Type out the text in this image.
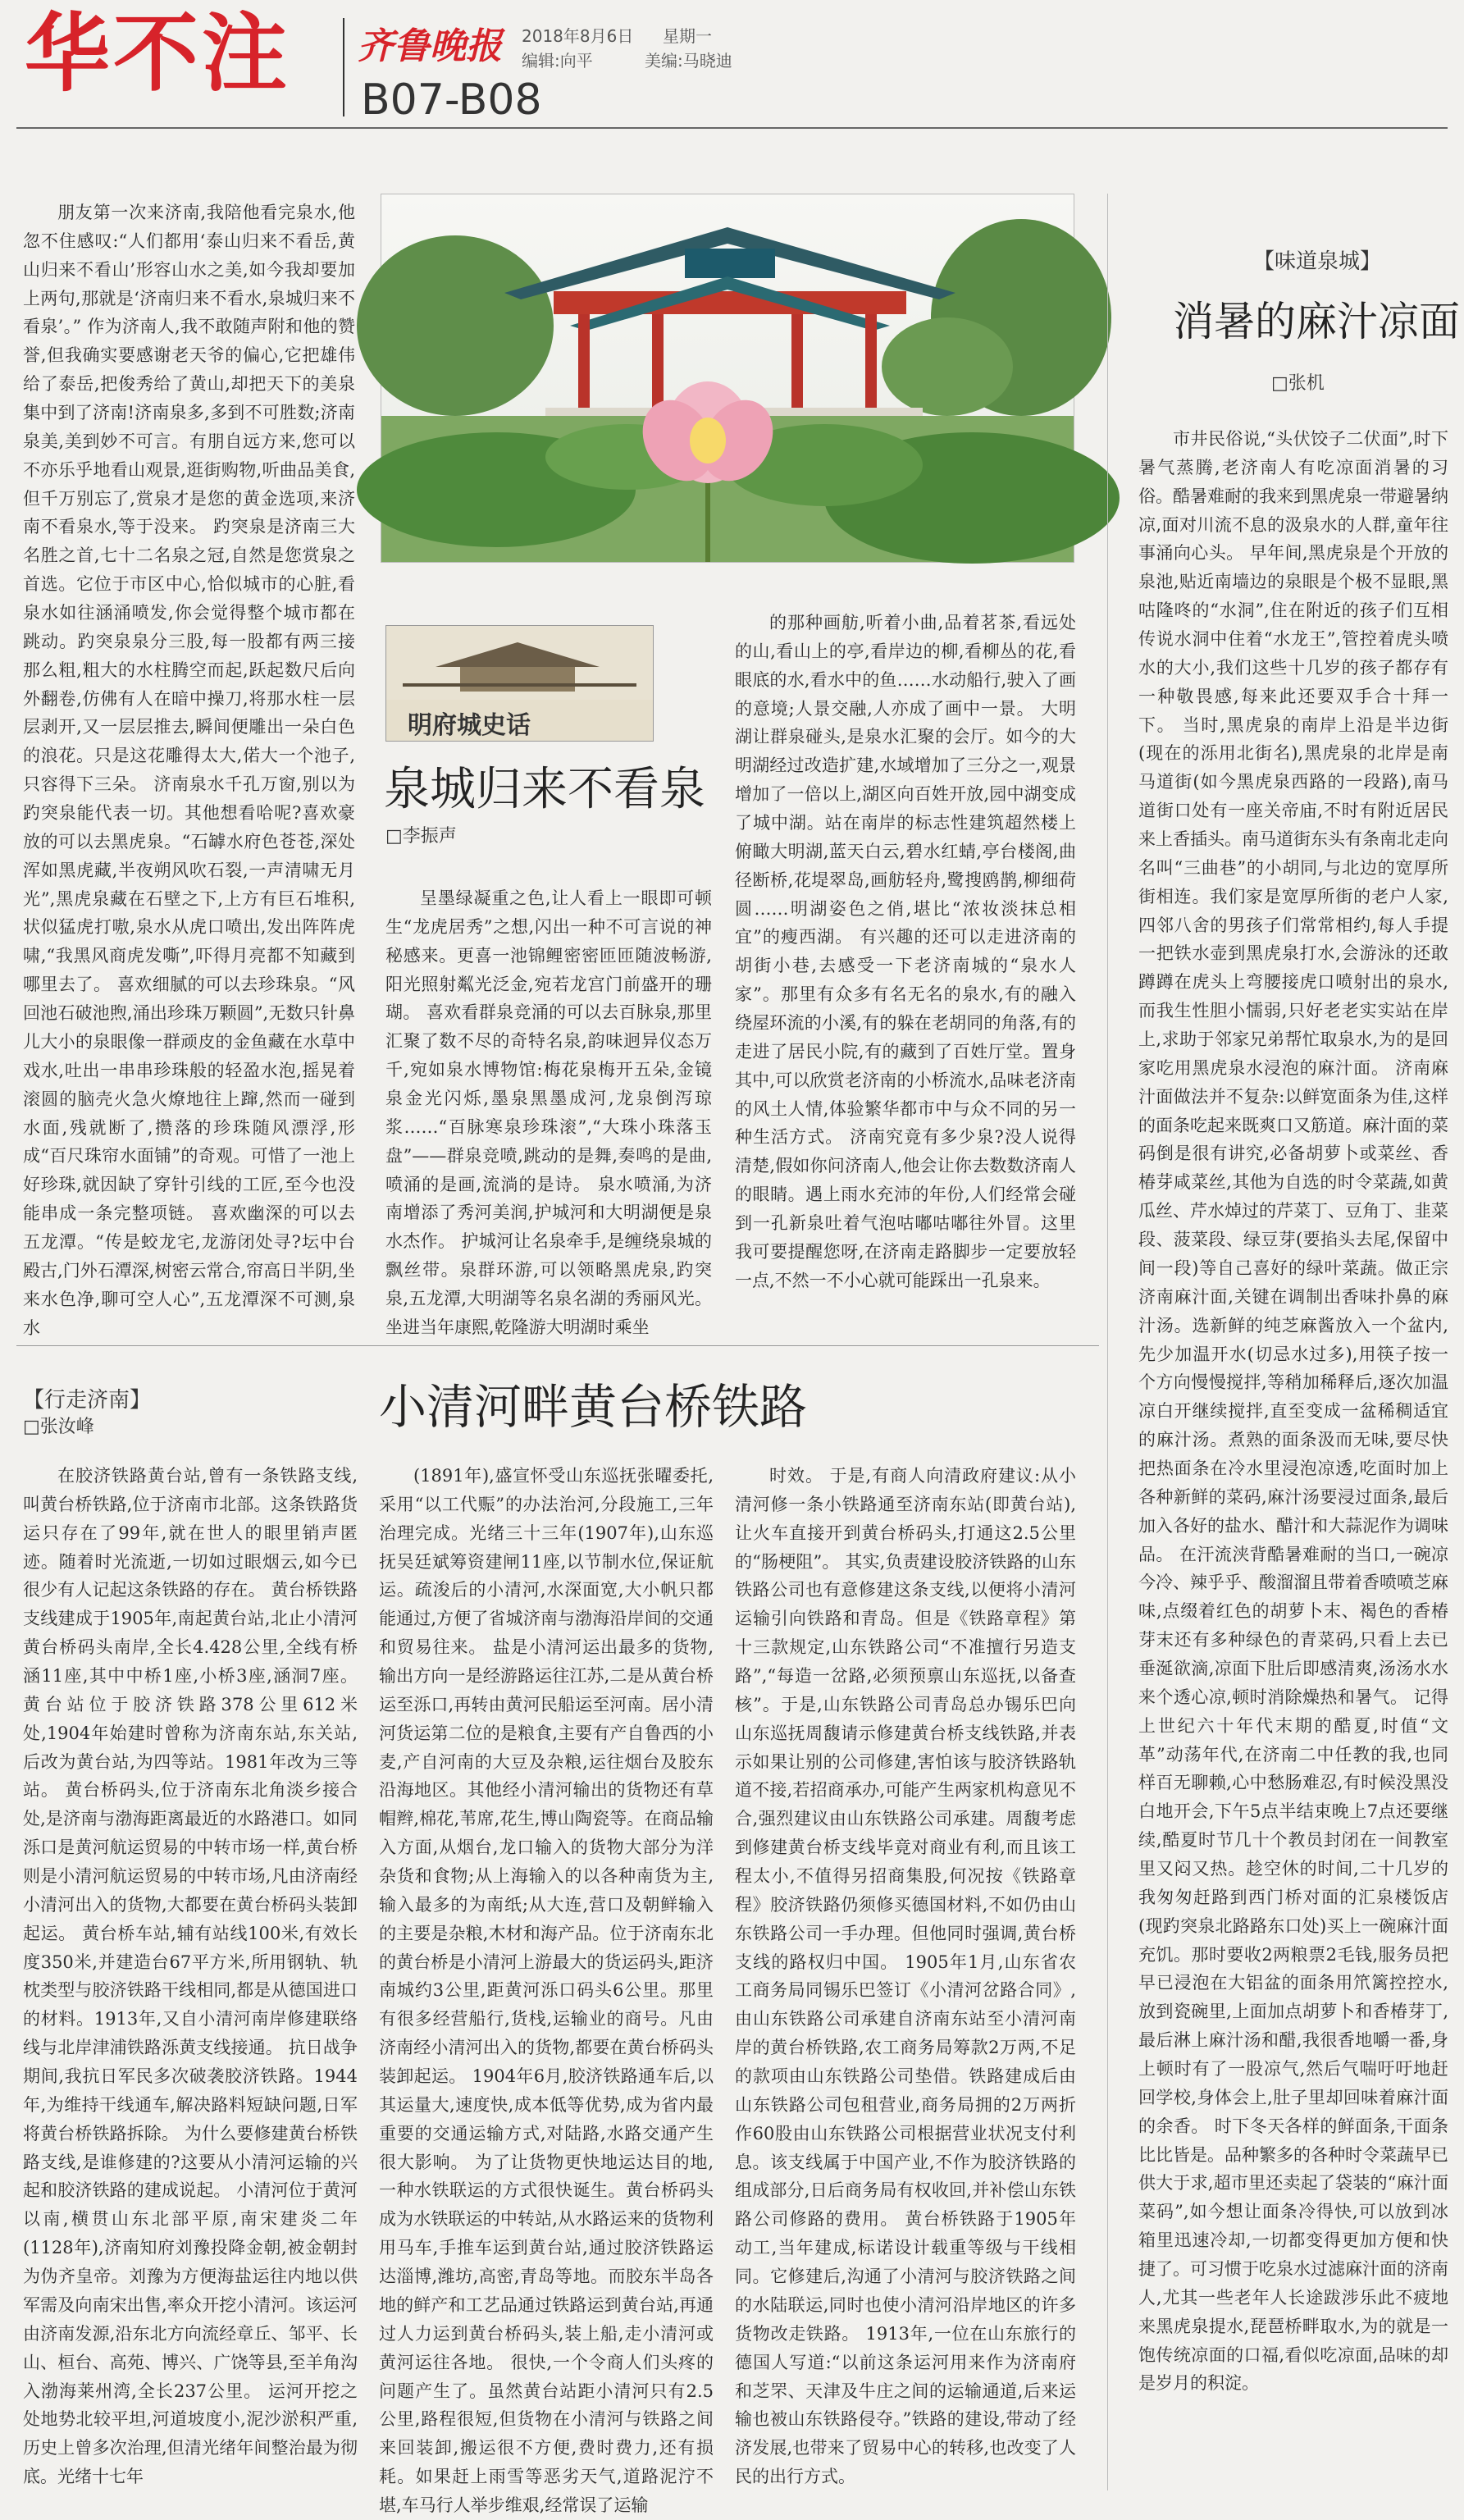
华不注 齐鲁晚报 2018年8月6日 星期一
编辑:向平	美编:马晓迪
B07-B08
明府城史话
泉城归来不看泉
□李振声

朋友第一次来济南,我陪他看完泉水,他忽不住感叹:“人们都用‘泰山归来不看岳,黄山归来不看山’形容山水之美,如今我却要加上两句,那就是‘济南归来不看水,泉城归来不看泉’。” 作为济南人,我不敢随声附和他的赞誉,但我确实要感谢老天爷的偏心,它把雄伟给了泰岳,把俊秀给了黄山,却把天下的美泉集中到了济南!济南泉多,多到不可胜数;济南泉美,美到妙不可言。有朋自远方来,您可以不亦乐乎地看山观景,逛街购物,听曲品美食,但千万别忘了,赏泉才是您的黄金选项,来济南不看泉水,等于没来。 趵突泉是济南三大名胜之首,七十二名泉之冠,自然是您赏泉之首选。它位于市区中心,恰似城市的心脏,看泉水如往涵涌喷发,你会觉得整个城市都在跳动。趵突泉泉分三股,每一股都有两三接那么粗,粗大的水柱腾空而起,跃起数尺后向外翻卷,仿佛有人在暗中操刀,将那水柱一层层剥开,又一层层推去,瞬间便雕出一朵白色的浪花。只是这花雕得太大,偌大一个池子,只容得下三朵。 济南泉水千孔万窗,别以为趵突泉能代表一切。其他想看哈呢?喜欢豪放的可以去黑虎泉。“石罅水府色苍苍,深处浑如黑虎藏,半夜朔风吹石裂,一声清啸无月光”,黑虎泉藏在石壁之下,上方有巨石堆积,状似猛虎打嗷,泉水从虎口喷出,发出阵阵虎啸,“我黑风商虎发嘶”,吓得月亮都不知藏到哪里去了。 喜欢细腻的可以去珍珠泉。“风回池石破池煦,涌出珍珠万颗圆”,无数只针鼻儿大小的泉眼像一群顽皮的金鱼藏在水草中戏水,吐出一串串珍珠般的轻盈水泡,摇晃着滚圆的脑壳火急火燎地往上蹿,然而一碰到水面,残就断了,攒落的珍珠随风漂浮,形成“百尺珠帘水面铺”的奇观。可惜了一池上好珍珠,就因缺了穿针引线的工匠,至今也没能串成一条完整项链。 喜欢幽深的可以去五龙潭。“传是蛟龙宅,龙游闭处寻?坛中台殿古,门外石潭深,树密云常合,帘高日半阴,坐来水色净,聊可空人心”,五龙潭深不可测,泉水

呈墨绿凝重之色,让人看上一眼即可顿生“龙虎居秀”之想,闪出一种不可言说的神秘感来。更喜一池锦鲤密密匝匝随波畅游,阳光照射粼光泛金,宛若龙宫门前盛开的珊瑚。 喜欢看群泉竞涌的可以去百脉泉,那里汇聚了数不尽的奇特名泉,韵味迥异仪态万千,宛如泉水博物馆:梅花泉梅开五朵,金镜泉金光闪烁,墨泉黑墨成河,龙泉倒泻琼浆……“百脉寒泉珍珠滚”,“大珠小珠落玉盘”——群泉竞喷,跳动的是舞,奏鸣的是曲,喷涌的是画,流淌的是诗。 泉水喷涌,为济南增添了秀河美润,护城河和大明湖便是泉水杰作。 护城河让名泉牵手,是缠绕泉城的飘丝带。泉群环游,可以领略黑虎泉,趵突泉,五龙潭,大明湖等名泉名湖的秀丽风光。坐进当年康熙,乾隆游大明湖时乘坐

的那种画舫,听着小曲,品着茗茶,看远处的山,看山上的亭,看岸边的柳,看柳丛的花,看眼底的水,看水中的鱼……水动船行,驶入了画的意境;人景交融,人亦成了画中一景。 大明湖让群泉碰头,是泉水汇聚的会厅。如今的大明湖经过改造扩建,水域增加了三分之一,观景增加了一倍以上,湖区向百姓开放,园中湖变成了城中湖。站在南岸的标志性建筑超然楼上俯瞰大明湖,蓝天白云,碧水红蜻,亭台楼阁,曲径断桥,花堤翠岛,画舫轻舟,鹭搜鸥鹊,柳细荷圆……明湖姿色之俏,堪比“浓妆淡抹总相宜”的瘦西湖。 有兴趣的还可以走进济南的胡街小巷,去感受一下老济南城的“泉水人家”。那里有众多有名无名的泉水,有的融入绕屋环流的小溪,有的躲在老胡同的角落,有的走进了居民小院,有的藏到了百姓厅堂。置身其中,可以欣赏老济南的小桥流水,品味老济南的风土人情,体验繁华都市中与众不同的另一种生活方式。 济南究竟有多少泉?没人说得清楚,假如你问济南人,他会让你去数数济南人的眼睛。遇上雨水充沛的年份,人们经常会碰到一孔新泉吐着气泡咕嘟咕嘟往外冒。这里我可要提醒您呀,在济南走路脚步一定要放轻一点,不然一不小心就可能踩出一孔泉来。

【味道泉城】
消暑的麻汁凉面
□张机

市井民俗说,“头伏饺子二伏面”,时下暑气蒸腾,老济南人有吃凉面消暑的习俗。酷暑难耐的我来到黑虎泉一带避暑纳凉,面对川流不息的汲泉水的人群,童年往事涌向心头。 早年间,黑虎泉是个开放的泉池,贴近南墙边的泉眼是个极不显眼,黑咕隆咚的“水洞”,住在附近的孩子们互相传说水洞中住着“水龙王”,管控着虎头喷水的大小,我们这些十几岁的孩子都存有一种敬畏感,每来此还要双手合十拜一下。 当时,黑虎泉的南岸上沿是半边街(现在的泺用北街名),黑虎泉的北岸是南马道街(如今黑虎泉西路的一段路),南马道街口处有一座关帝庙,不时有附近居民来上香插头。南马道街东头有条南北走向名叫“三曲巷”的小胡同,与北边的宽厚所街相连。我们家是宽厚所街的老户人家,四邻八舍的男孩子们常常相约,每人手提一把铁水壶到黑虎泉打水,会游泳的还敢蹲蹲在虎头上弯腰接虎口喷射出的泉水,而我生性胆小懦弱,只好老老实实站在岸上,求助于邻家兄弟帮忙取泉水,为的是回家吃用黑虎泉水浸泡的麻汁面。 济南麻汁面做法并不复杂:以鲜宽面条为佳,这样的面条吃起来既爽口又筋道。麻汁面的菜码倒是很有讲究,必备胡萝卜或菜丝、香椿芽咸菜丝,其他为自选的时令菜蔬,如黄瓜丝、芹水焯过的芹菜丁、豆角丁、韭菜段、菠菜段、绿豆芽(要掐头去尾,保留中间一段)等自己喜好的绿叶菜蔬。做正宗济南麻汁面,关键在调制出香味扑鼻的麻汁汤。选新鲜的纯芝麻酱放入一个盆内,先少加温开水(切忌水过多),用筷子按一个方向慢慢搅拌,等稍加稀释后,逐次加温凉白开继续搅拌,直至变成一盆稀稠适宜的麻汁汤。煮熟的面条汲而无味,要尽快把热面条在冷水里浸泡凉透,吃面时加上各种新鲜的菜码,麻汁汤要浸过面条,最后加入各好的盐水、醋汁和大蒜泥作为调味品。 在汗流浃背酷暑难耐的当口,一碗凉今冷、辣乎乎、酸溜溜且带着香喷喷芝麻味,点缀着红色的胡萝卜末、褐色的香椿芽末还有多种绿色的青菜码,只看上去已垂涎欲滴,凉面下肚后即感清爽,汤汤水水来个透心凉,顿时消除燥热和暑气。 记得上世纪六十年代末期的酷夏,时值“文革”动荡年代,在济南二中任教的我,也同样百无聊赖,心中愁肠难忍,有时候没黑没白地开会,下午5点半结束晚上7点还要继续,酷夏时节几十个教员封闭在一间教室里又闷又热。趁空休的时间,二十几岁的我匆匆赶路到西门桥对面的汇泉楼饭店(现趵突泉北路路东口处)买上一碗麻汁面充饥。那时要收2两粮票2毛钱,服务员把早已浸泡在大铝盆的面条用笊篱控控水,放到瓷碗里,上面加点胡萝卜和香椿芽丁,最后淋上麻汁汤和醋,我很香地嚼一番,身上顿时有了一股凉气,然后气喘吁吁地赶回学校,身体会上,肚子里却回味着麻汁面的余香。 时下冬天各样的鲜面条,干面条比比皆是。品种繁多的各种时令菜蔬早已供大于求,超市里还卖起了袋装的“麻汁面菜码”,如今想让面条冷得快,可以放到冰箱里迅速冷却,一切都变得更加方便和快捷了。可习惯于吃泉水过滤麻汁面的济南人,尤其一些老年人长途跋涉乐此不疲地来黑虎泉提水,琵琶桥畔取水,为的就是一饱传统凉面的口福,看似吃凉面,品味的却是岁月的积淀。

【行走济南】
□张汝峰	小清河畔黄台桥铁路

在胶济铁路黄台站,曾有一条铁路支线,叫黄台桥铁路,位于济南市北部。这条铁路货运只存在了99年,就在世人的眼里销声匿迹。随着时光流逝,一切如过眼烟云,如今已很少有人记起这条铁路的存在。 黄台桥铁路支线建成于1905年,南起黄台站,北止小清河黄台桥码头南岸,全长4.428公里,全线有桥涵11座,其中中桥1座,小桥3座,涵洞7座。 黄台站位于胶济铁路378公里612米处,1904年始建时曾称为济南东站,东关站,后改为黄台站,为四等站。1981年改为三等站。 黄台桥码头,位于济南东北角淡乡接合处,是济南与渤海距离最近的水路港口。如同泺口是黄河航运贸易的中转市场一样,黄台桥则是小清河航运贸易的中转市场,凡由济南经小清河出入的货物,大都要在黄台桥码头装卸起运。 黄台桥车站,辅有站线100米,有效长度350米,并建造台67平方米,所用钢轨、轨枕类型与胶济铁路干线相同,都是从德国进口的材料。1913年,又自小清河南岸修建联络线与北岸津浦铁路泺黄支线接通。 抗日战争期间,我抗日军民多次破袭胶济铁路。1944年,为维持干线通车,解决路料短缺问题,日军将黄台桥铁路拆除。 为什么要修建黄台桥铁路支线,是谁修建的?这要从小清河运输的兴起和胶济铁路的建成说起。 小清河位于黄河以南,横贯山东北部平原,南宋建炎二年(1128年),济南知府刘豫投降金朝,被金朝封为伪齐皇帝。刘豫为方便海盐运往内地以供军需及向南宋出售,率众开挖小清河。该运河由济南发源,沿东北方向流经章丘、邹平、长山、桓台、高苑、博兴、广饶等县,至羊角沟入渤海莱州湾,全长237公里。 运河开挖之处地势北较平坦,河道坡度小,泥沙淤积严重,历史上曾多次治理,但清光绪年间整治最为彻底。光绪十七年

(1891年),盛宣怀受山东巡抚张曜委托,采用“以工代赈”的办法治河,分段施工,三年治理完成。光绪三十三年(1907年),山东巡抚吴廷斌筹资建闸11座,以节制水位,保证航运。疏浚后的小清河,水深面宽,大小帆只都能通过,方便了省城济南与渤海沿岸间的交通和贸易往来。 盐是小清河运出最多的货物,输出方向一是经游路运往江苏,二是从黄台桥运至泺口,再转由黄河民船运至河南。居小清河货运第二位的是粮食,主要有产自鲁西的小麦,产自河南的大豆及杂粮,运往烟台及胶东沿海地区。其他经小清河输出的货物还有草帽辫,棉花,苇席,花生,博山陶瓷等。在商品输入方面,从烟台,龙口输入的货物大部分为洋杂货和食物;从上海输入的以各种南货为主,输入最多的为南纸;从大连,营口及朝鲜输入的主要是杂粮,木材和海产品。位于济南东北的黄台桥是小清河上游最大的货运码头,距济南城约3公里,距黄河泺口码头6公里。那里有很多经营船行,货栈,运输业的商号。凡由济南经小清河出入的货物,都要在黄台桥码头装卸起运。 1904年6月,胶济铁路通车后,以其运量大,速度快,成本低等优势,成为省内最重要的交通运输方式,对陆路,水路交通产生很大影响。 为了让货物更快地运达目的地,一种水铁联运的方式很快诞生。黄台桥码头成为水铁联运的中转站,从水路运来的货物利用马车,手推车运到黄台站,通过胶济铁路运达淄博,潍坊,高密,青岛等地。而胶东半岛各地的鲜产和工艺品通过铁路运到黄台站,再通过人力运到黄台桥码头,装上船,走小清河或黄河运往各地。 很快,一个令商人们头疼的问题产生了。虽然黄台站距小清河只有2.5公里,路程很短,但货物在小清河与铁路之间来回装卸,搬运很不方便,费时费力,还有损耗。如果赶上雨雪等恶劣天气,道路泥泞不堪,车马行人举步维艰,经常误了运输

时效。 于是,有商人向清政府建议:从小清河修一条小铁路通至济南东站(即黄台站),让火车直接开到黄台桥码头,打通这2.5公里的“肠梗阻”。 其实,负责建设胶济铁路的山东铁路公司也有意修建这条支线,以便将小清河运输引向铁路和青岛。但是《铁路章程》第十三款规定,山东铁路公司“不准擅行另造支路”,“每造一岔路,必须预禀山东巡抚,以备查核”。于是,山东铁路公司青岛总办锡乐巴向山东巡抚周馥请示修建黄台桥支线铁路,并表示如果让别的公司修建,害怕该与胶济铁路轨道不接,若招商承办,可能产生两家机构意见不合,强烈建议由山东铁路公司承建。周馥考虑到修建黄台桥支线毕竟对商业有利,而且该工程太小,不值得另招商集股,何况按《铁路章程》胶济铁路仍须修买德国材料,不如仍由山东铁路公司一手办理。但他同时强调,黄台桥支线的路权归中国。 1905年1月,山东省农工商务局同锡乐巴签订《小清河岔路合同》,由山东铁路公司承建自济南东站至小清河南岸的黄台桥铁路,农工商务局筹款2万两,不足的款项由山东铁路公司垫借。铁路建成后由山东铁路公司包租营业,商务局拥的2万两折作60股由山东铁路公司根据营业状况支付利息。该支线属于中国产业,不作为胶济铁路的组成部分,日后商务局有权收回,并补偿山东铁路公司修路的费用。 黄台桥铁路于1905年动工,当年建成,标诺设计载重等级与干线相同。它修建后,沟通了小清河与胶济铁路之间的水陆联运,同时也使小清河沿岸地区的许多货物改走铁路。 1913年,一位在山东旅行的德国人写道:“以前这条运河用来作为济南府和芝罘、天津及牛庄之间的运输通道,后来运输也被山东铁路侵夺。”铁路的建设,带动了经济发展,也带来了贸易中心的转移,也改变了人民的出行方式。
